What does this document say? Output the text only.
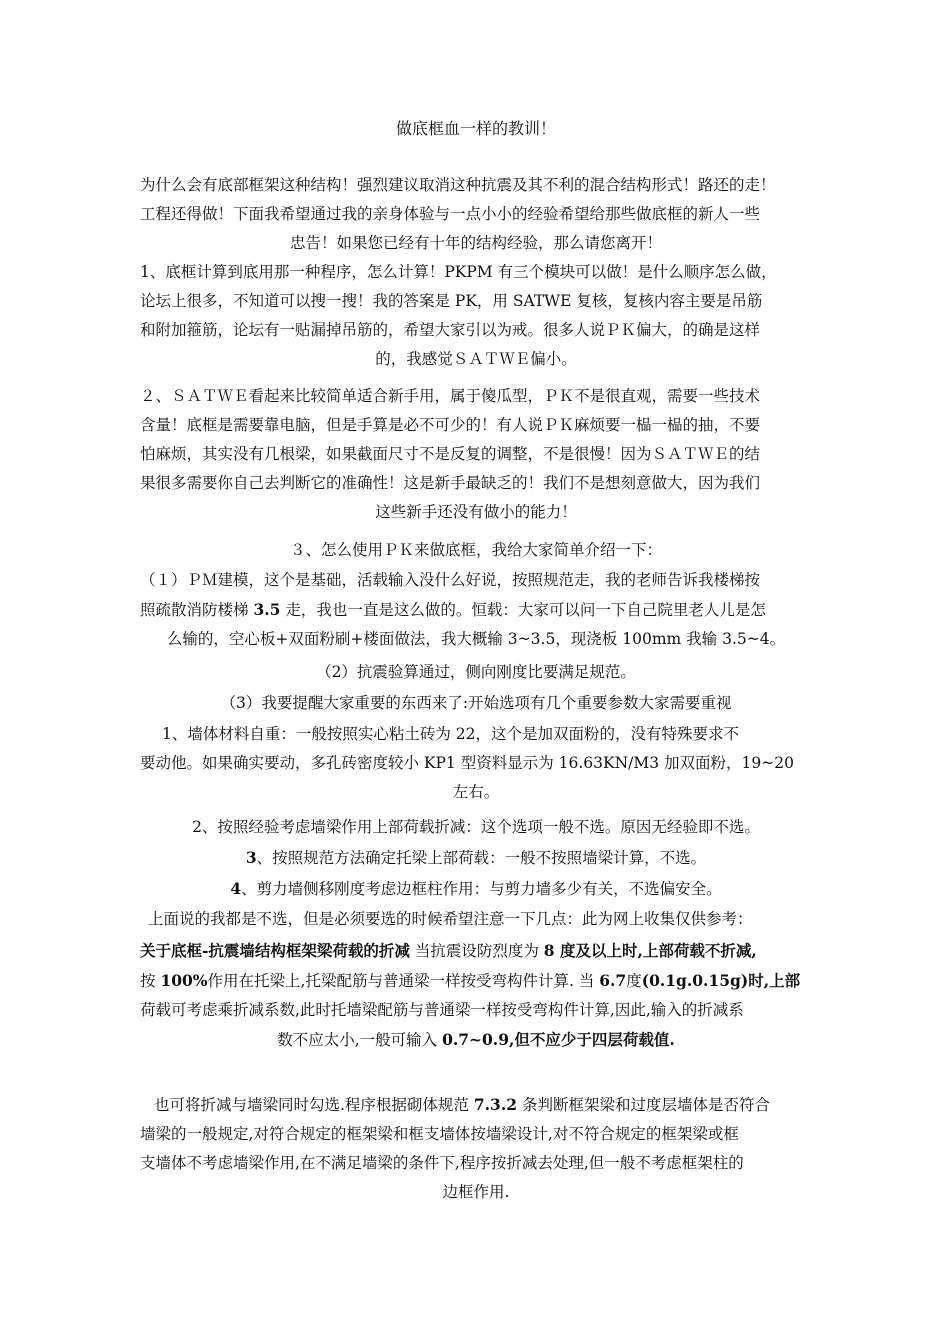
做底框血一样的教训！
为什么会有底部框架这种结构！强烈建议取消这种抗震及其不利的混合结构形式！路还的走！
工程还得做！下面我希望通过我的亲身体验与一点小小的经验希望给那些做底框的新人一些
忠告！如果您已经有十年的结构经验，那么请您离开！
1、底框计算到底用那一种程序，怎么计算！PKPM 有三个模块可以做！是什么顺序怎么做，
论坛上很多，不知道可以搜一搜！我的答案是 PK，用 SATWE 复核，复核内容主要是吊筋
和附加箍筋，论坛有一贴漏掉吊筋的，希望大家引以为戒。很多人说ＰＫ偏大，的确是这样
的，我感觉ＳＡＴＷＥ偏小。
２、ＳＡＴＷＥ看起来比较简单适合新手用，属于傻瓜型，ＰＫ不是很直观，需要一些技术
含量！底框是需要靠电脑，但是手算是必不可少的！有人说ＰＫ麻烦要一榀一榀的抽，不要
怕麻烦，其实没有几根梁，如果截面尺寸不是反复的调整，不是很慢！因为ＳＡＴＷＥ的结
果很多需要你自己去判断它的准确性！这是新手最缺乏的！我们不是想刻意做大，因为我们
这些新手还没有做小的能力！
３、怎么使用ＰＫ来做底框，我给大家简单介绍一下：
（１）ＰＭ建模，这个是基础，活载输入没什么好说，按照规范走，我的老师告诉我楼梯按
照疏散消防楼梯 3.5 走，我也一直是这么做的。恒载：大家可以问一下自己院里老人儿是怎
么输的，空心板+双面粉刷+楼面做法，我大概输 3~3.5，现浇板 100mm 我输 3.5~4。
（2）抗震验算通过，侧向刚度比要满足规范。
（3）我要提醒大家重要的东西来了:开始选项有几个重要参数大家需要重视
1、墙体材料自重：一般按照实心粘土砖为 22，这个是加双面粉的，没有特殊要求不
要动他。如果确实要动，多孔砖密度较小 KP1 型资料显示为 16.63KN/M3 加双面粉，19~20
左右。
2、按照经验考虑墙梁作用上部荷载折减：这个选项一般不选。原因无经验即不选。
3、按照规范方法确定托梁上部荷载：一般不按照墙梁计算，不选。
4、剪力墙侧移刚度考虑边框柱作用：与剪力墙多少有关，不选偏安全。
上面说的我都是不选，但是必须要选的时候希望注意一下几点：此为网上收集仅供参考：
关于底框-抗震墙结构框架梁荷载的折减 当抗震设防烈度为 8 度及以上时,上部荷载不折减,
按 100%作用在托梁上,托梁配筋与普通梁一样按受弯构件计算. 当 6.7度(0.1g.0.15g)时,上部
荷载可考虑乘折减系数,此时托墙梁配筋与普通梁一样按受弯构件计算,因此,输入的折减系
数不应太小,一般可输入 0.7~0.9,但不应少于四层荷载值.
也可将折减与墙梁同时勾选.程序根据砌体规范 7.3.2 条判断框架梁和过度层墙体是否符合
墙梁的一般规定,对符合规定的框架梁和框支墙体按墙梁设计,对不符合规定的框架梁或框
支墙体不考虑墙梁作用,在不满足墙梁的条件下,程序按折减去处理,但一般不考虑框架柱的
边框作用.
